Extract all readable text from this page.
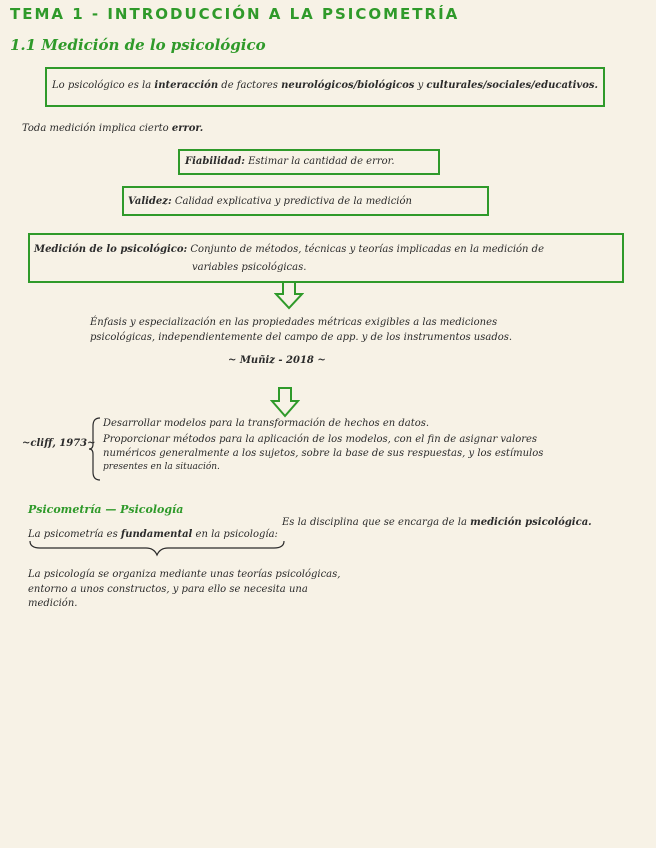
TEMA 1 - INTRODUCCIÓN A LA PSICOMETRÍA
1.1 Medición de lo psicológico
Lo psicológico es la interacción de factores neurológicos/biológicos y culturales/sociales/educativos.
Toda medición implica cierto error.
Fiabilidad: Estimar la cantidad de error.
Validez: Calidad explicativa y predictiva de la medición
Medición de lo psicológico: Conjunto de métodos, técnicas y teorías implicadas en la medición de
variables psicológicas.
Énfasis y especialización en las propiedades métricas exigibles a las mediciones
psicológicas, independientemente del campo de app. y de los instrumentos usados.
~ Muñiz - 2018 ~
~cliff, 1973~
Desarrollar modelos para la transformación de hechos en datos.
Proporcionar métodos para la aplicación de los modelos, con el fin de asignar valores
numéricos generalmente a los sujetos, sobre la base de sus respuestas, y los estímulos
presentes en la situación.
Psicometría — Psicología
La psicometría es fundamental en la psicología:
Es la disciplina que se encarga de la medición psicológica.
La psicología se organiza mediante unas teorías psicológicas,
entorno a unos constructos, y para ello se necesita una
medición.
